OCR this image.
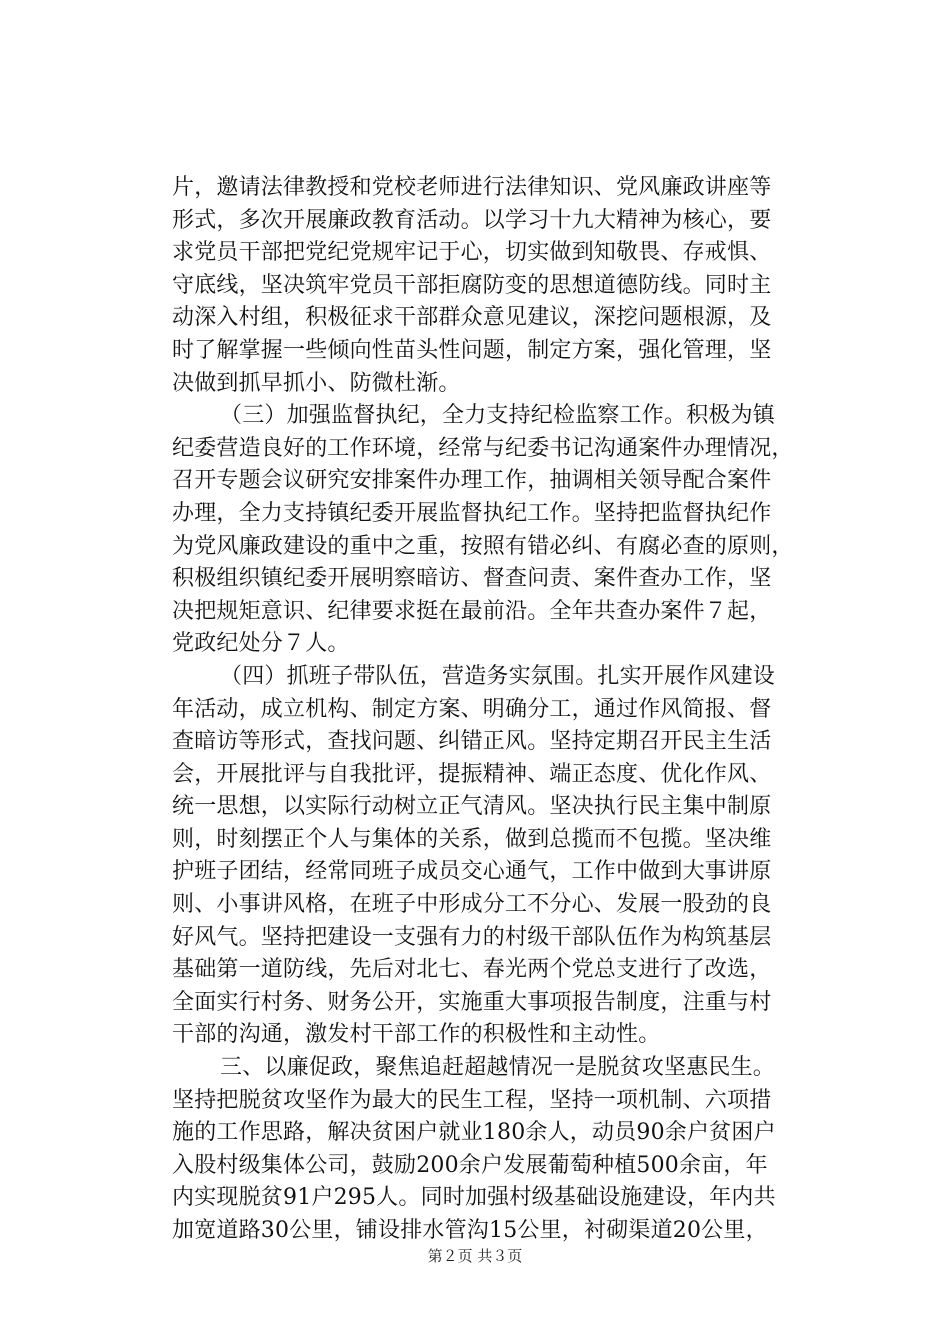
片，邀请法律教授和党校老师进行法律知识、党风廉政讲座等
形式，多次开展廉政教育活动。以学习十九大精神为核心，要
求党员干部把党纪党规牢记于心，切实做到知敬畏、存戒惧、
守底线，坚决筑牢党员干部拒腐防变的思想道德防线。同时主
动深入村组，积极征求干部群众意见建议，深挖问题根源，及
时了解掌握一些倾向性苗头性问题，制定方案，强化管理，坚
决做到抓早抓小、防微杜渐。
（三）加强监督执纪，全力支持纪检监察工作。积极为镇
纪委营造良好的工作环境，经常与纪委书记沟通案件办理情况，
召开专题会议研究安排案件办理工作，抽调相关领导配合案件
办理，全力支持镇纪委开展监督执纪工作。坚持把监督执纪作
为党风廉政建设的重中之重，按照有错必纠、有腐必查的原则，
积极组织镇纪委开展明察暗访、督查问责、案件查办工作，坚
决把规矩意识、纪律要求挺在最前沿。全年共查办案件７起，
党政纪处分７人。
（四）抓班子带队伍，营造务实氛围。扎实开展作风建设
年活动，成立机构、制定方案、明确分工，通过作风简报、督
查暗访等形式，查找问题、纠错正风。坚持定期召开民主生活
会，开展批评与自我批评，提振精神、端正态度、优化作风、
统一思想，以实际行动树立正气清风。坚决执行民主集中制原
则，时刻摆正个人与集体的关系，做到总揽而不包揽。坚决维
护班子团结，经常同班子成员交心通气，工作中做到大事讲原
则、小事讲风格，在班子中形成分工不分心、发展一股劲的良
好风气。坚持把建设一支强有力的村级干部队伍作为构筑基层
基础第一道防线，先后对北七、春光两个党总支进行了改选，
全面实行村务、财务公开，实施重大事项报告制度，注重与村
干部的沟通，激发村干部工作的积极性和主动性。
三、以廉促政，聚焦追赶超越情况一是脱贫攻坚惠民生。
坚持把脱贫攻坚作为最大的民生工程，坚持一项机制、六项措
施的工作思路，解决贫困户就业180余人，动员90余户贫困户
入股村级集体公司，鼓励200余户发展葡萄种植500余亩，年
内实现脱贫91户295人。同时加强村级基础设施建设，年内共
加宽道路30公里，铺设排水管沟15公里，衬砌渠道20公里，
第２页 共３页
